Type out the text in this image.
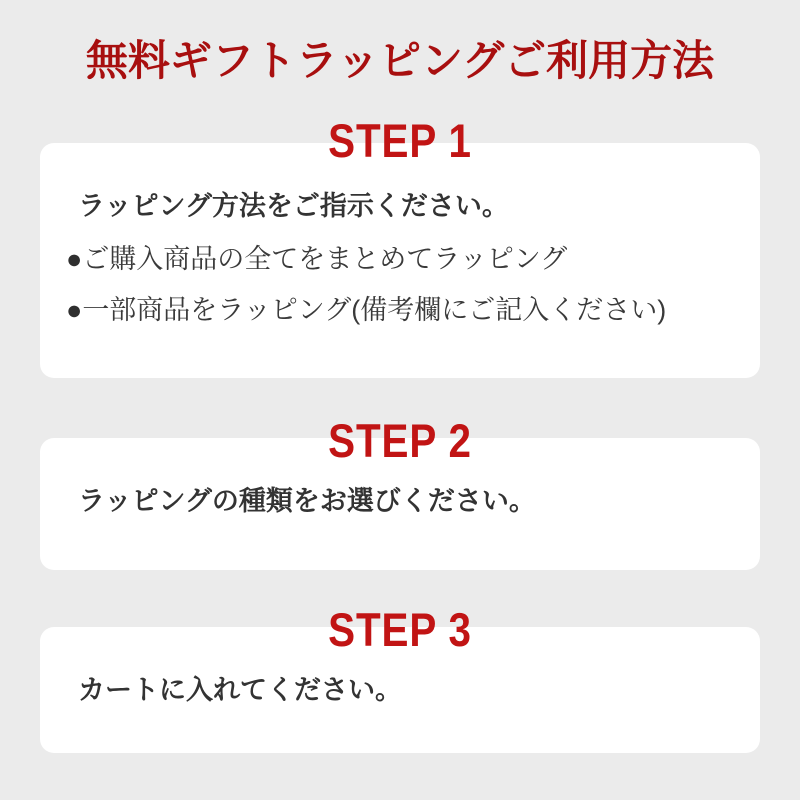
無料ギフトラッピングご利用方法
STEP 1

ラッピング方法をご指示ください。

●ご購入商品の全てをまとめてラッピング
●一部商品をラッピング(備考欄にご記入ください)
STEP 2

ラッピングの種類をお選びください。

STEP 3

カートに入れてください。
